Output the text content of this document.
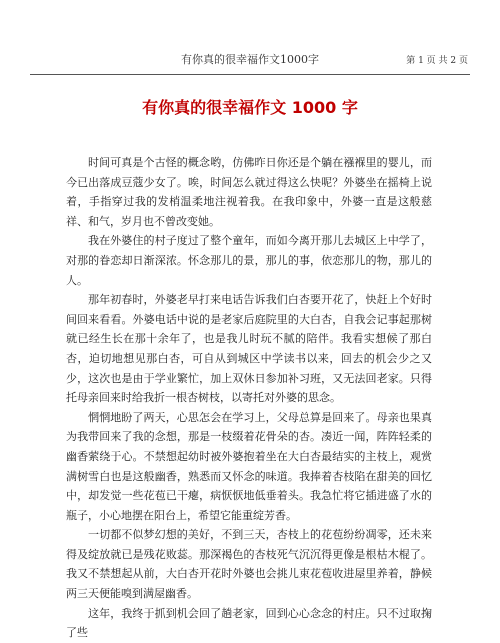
有你真的很幸福作文1000字	第 1 页 共 2 页
有你真的很幸福作文 1000 字

时间可真是个古怪的概念哟，仿佛昨日你还是个躺在襁褓里的婴儿，而今已出落成豆蔻少女了。唉，时间怎么就过得这么快呢？外婆坐在摇椅上说着，手指穿过我的发梢温柔地注视着我。在我印象中，外婆一直是这般慈祥、和气，岁月也不曾改变她。

我在外婆住的村子度过了整个童年，而如今离开那儿去城区上中学了，对那的眷恋却日渐深浓。怀念那儿的景，那儿的事，依恋那儿的物，那儿的人。

那年初春时，外婆老早打来电话告诉我们白杏要开花了，快赶上个好时间回来看看。外婆电话中说的是老家后庭院里的大白杏，自我会记事起那树就已经生长在那十余年了，也是我儿时玩不腻的陪伴。我看实想候了那白杏，迫切地想见那白杏，可自从到城区中学读书以来，回去的机会少之又少，这次也是由于学业繁忙，加上双休日参加补习班，又无法回老家。只得托母亲回来时给我折一根杏树枝，以寄托对外婆的思念。

惘惘地盼了两天，心思怎会在学习上，父母总算是回来了。母亲也果真为我带回来了我的念想，那是一枝缀着花骨朵的杏。凑近一闻，阵阵轻柔的幽香萦绕于心。不禁想起幼时被外婆抱着坐在大白杏最结实的主枝上，观赏满树雪白也是这般幽香，熟悉而又怀念的味道。我捧着杏枝陷在甜美的回忆中，却发觉一些花苞已干瘪，病恹恹地低垂着头。我急忙将它插进盛了水的瓶子，小心地摆在阳台上，希望它能重绽芳香。

一切都不似梦幻想的美好，不到三天，杏枝上的花苞纷纷凋零，还未来得及绽放就已是残花败蕊。那深褐色的杏枝死气沉沉得更像是根枯木棍了。我又不禁想起从前，大白杏开花时外婆也会挑儿束花苞收进屋里养着，静候两三天便能嗅到满屋幽香。

这年，我终于抓到机会回了趟老家，回到心心念念的村庄。只不过取掬了些
